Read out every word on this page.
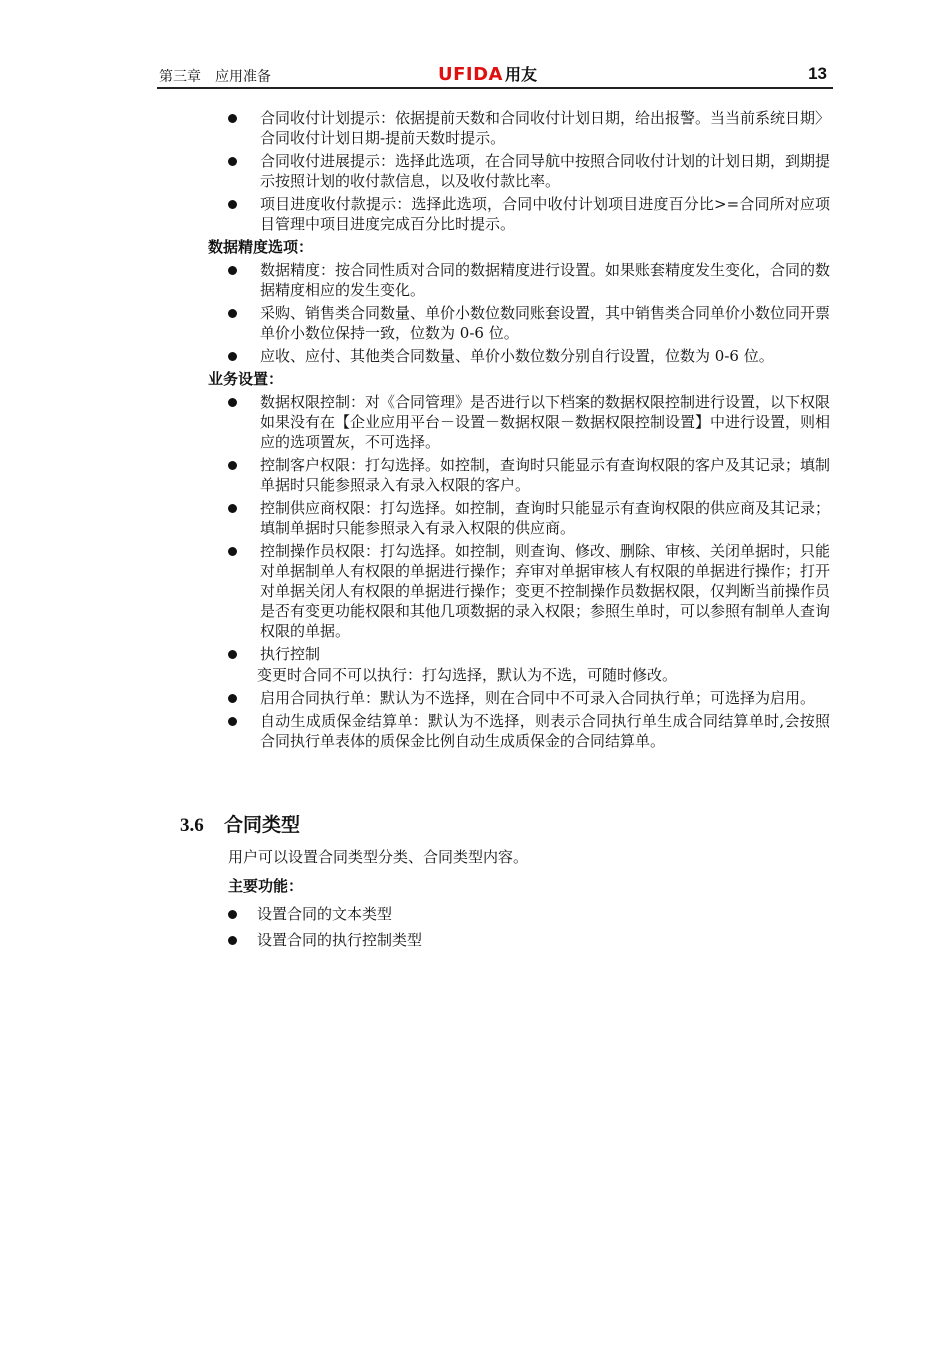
第三章　应用准备	UFIDA 用友	13
合同收付计划提示：依据提前天数和合同收付计划日期，给出报警。当当前系统日期〉合同收付计划日期-提前天数时提示。
合同收付进展提示：选择此选项，在合同导航中按照合同收付计划的计划日期，到期提示按照计划的收付款信息，以及收付款比率。
项目进度收付款提示：选择此选项，合同中收付计划项目进度百分比>=合同所对应项目管理中项目进度完成百分比时提示。
数据精度选项：
数据精度：按合同性质对合同的数据精度进行设置。如果账套精度发生变化，合同的数据精度相应的发生变化。
采购、销售类合同数量、单价小数位数同账套设置，其中销售类合同单价小数位同开票单价小数位保持一致，位数为 0-6 位。
应收、应付、其他类合同数量、单价小数位数分别自行设置，位数为 0-6 位。
业务设置：
数据权限控制：对《合同管理》是否进行以下档案的数据权限控制进行设置，以下权限如果没有在【企业应用平台－设置－数据权限－数据权限控制设置】中进行设置，则相应的选项置灰，不可选择。
控制客户权限：打勾选择。如控制，查询时只能显示有查询权限的客户及其记录；填制单据时只能参照录入有录入权限的客户。
控制供应商权限：打勾选择。如控制，查询时只能显示有查询权限的供应商及其记录；填制单据时只能参照录入有录入权限的供应商。
控制操作员权限：打勾选择。如控制，则查询、修改、删除、审核、关闭单据时，只能对单据制单人有权限的单据进行操作；弃审对单据审核人有权限的单据进行操作；打开对单据关闭人有权限的单据进行操作；变更不控制操作员数据权限，仅判断当前操作员是否有变更功能权限和其他几项数据的录入权限；参照生单时，可以参照有制单人查询权限的单据。
执行控制
变更时合同不可以执行：打勾选择，默认为不选，可随时修改。
启用合同执行单：默认为不选择，则在合同中不可录入合同执行单；可选择为启用。
自动生成质保金结算单：默认为不选择，则表示合同执行单生成合同结算单时,会按照合同执行单表体的质保金比例自动生成质保金的合同结算单。
3.6 合同类型
用户可以设置合同类型分类、合同类型内容。
主要功能：
设置合同的文本类型
设置合同的执行控制类型
